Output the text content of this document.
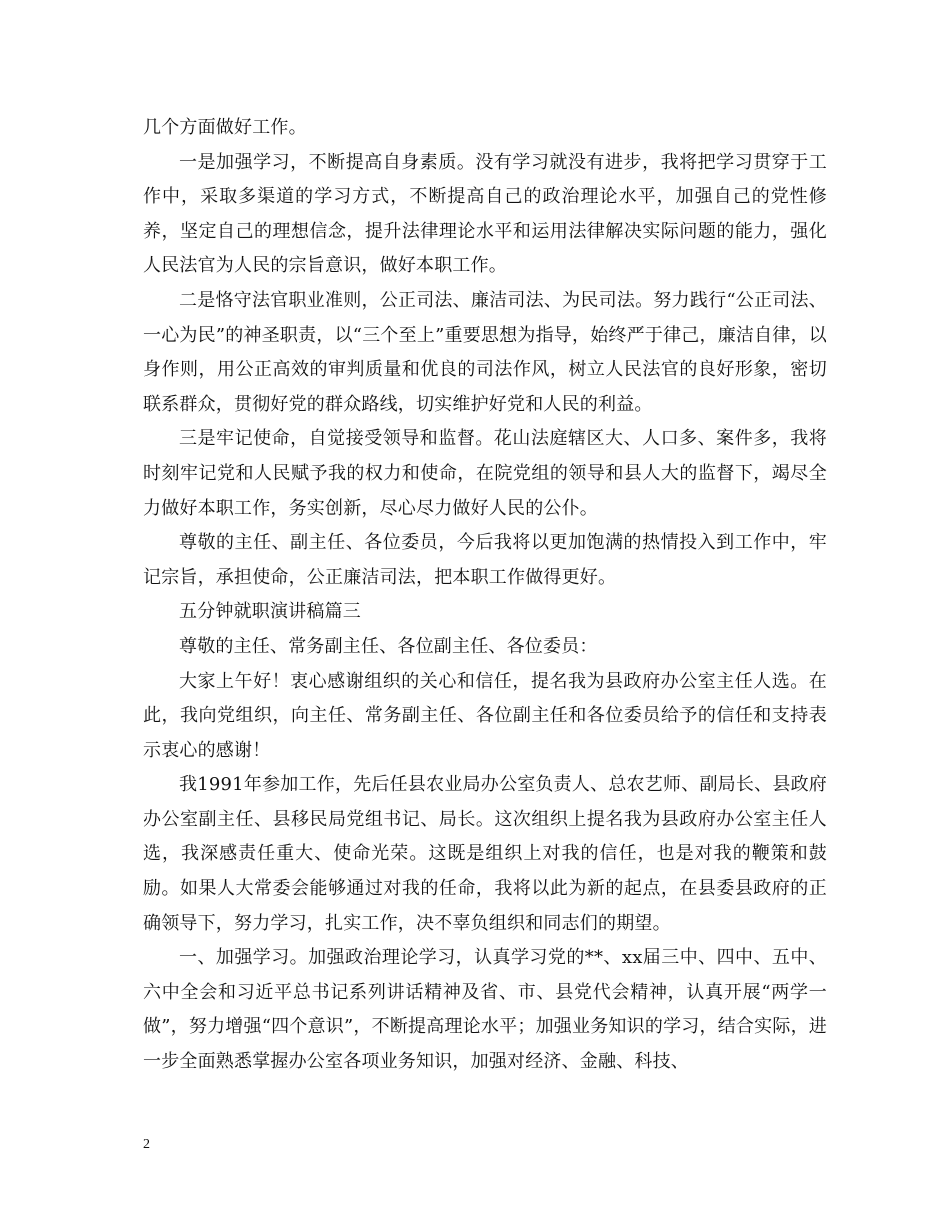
几个方面做好工作。

一是加强学习，不断提高自身素质。没有学习就没有进步，我将把学习贯穿于工作中，采取多渠道的学习方式，不断提高自己的政治理论水平，加强自己的党性修养，坚定自己的理想信念，提升法律理论水平和运用法律解决实际问题的能力，强化人民法官为人民的宗旨意识，做好本职工作。

二是恪守法官职业准则，公正司法、廉洁司法、为民司法。努力践行“公正司法、一心为民”的神圣职责，以“三个至上”重要思想为指导，始终严于律己，廉洁自律，以身作则，用公正高效的审判质量和优良的司法作风，树立人民法官的良好形象，密切联系群众，贯彻好党的群众路线，切实维护好党和人民的利益。

三是牢记使命，自觉接受领导和监督。花山法庭辖区大、人口多、案件多，我将时刻牢记党和人民赋予我的权力和使命，在院党组的领导和县人大的监督下，竭尽全力做好本职工作，务实创新，尽心尽力做好人民的公仆。

尊敬的主任、副主任、各位委员，今后我将以更加饱满的热情投入到工作中，牢记宗旨，承担使命，公正廉洁司法，把本职工作做得更好。

五分钟就职演讲稿篇三

尊敬的主任、常务副主任、各位副主任、各位委员：

大家上午好！衷心感谢组织的关心和信任，提名我为县政府办公室主任人选。在此，我向党组织，向主任、常务副主任、各位副主任和各位委员给予的信任和支持表示衷心的感谢！

我1991年参加工作，先后任县农业局办公室负责人、总农艺师、副局长、县政府办公室副主任、县移民局党组书记、局长。这次组织上提名我为县政府办公室主任人选，我深感责任重大、使命光荣。这既是组织上对我的信任，也是对我的鞭策和鼓励。如果人大常委会能够通过对我的任命，我将以此为新的起点，在县委县政府的正确领导下，努力学习，扎实工作，决不辜负组织和同志们的期望。

一、加强学习。加强政治理论学习，认真学习党的**、xx届三中、四中、五中、六中全会和习近平总书记系列讲话精神及省、市、县党代会精神，认真开展“两学一做”，努力增强“四个意识”，不断提高理论水平；加强业务知识的学习，结合实际，进一步全面熟悉掌握办公室各项业务知识，加强对经济、金融、科技、

2
